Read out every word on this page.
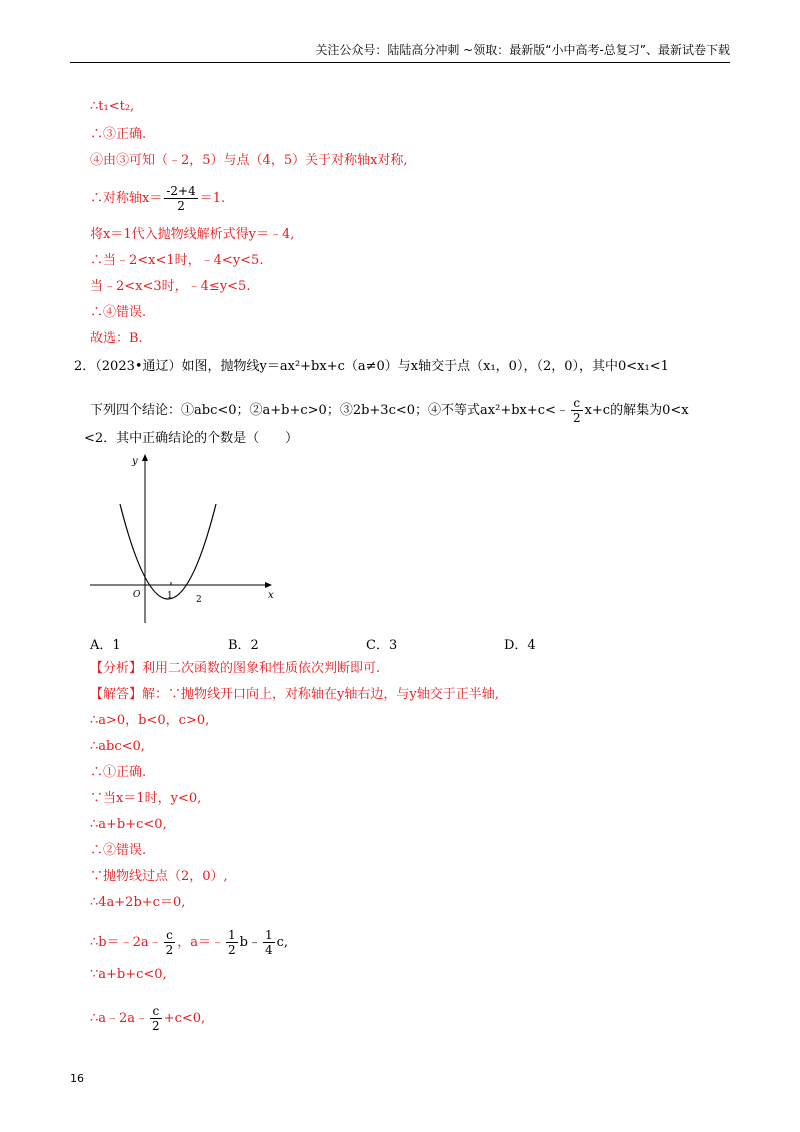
关注公众号：陆陆高分冲刺 ~领取：最新版“小中高考-总复习”、最新试卷下载
∴t₁<t₂,
∴③正确.
④由③可知（﹣2，5）与点（4，5）关于对称轴x对称,
∴对称轴$x= \frac{-2+4}{2} =1$.
将x＝1代入抛物线解析式得y＝﹣4,
∴当﹣2<x<1时，﹣4<y<5.
当﹣2<x<3时，﹣4≤y<5.
∴④错误.
故选：B.
2．（2023•通辽）如图，抛物线y＝ax²+bx+c（a≠0）与x轴交于点（x₁，0），（2，0），其中0<x₁<1
下列四个结论：①abc<0；②a+b+c>0；③2b+3c<0；④不等式ax²+bx+c<﹣ $\frac{c}{2} x+c$的解集为0<x
<2．其中正确结论的个数是（　　）
y
x
O	1	2
A．1	B．2	C．3	D．4
【分析】利用二次函数的图象和性质依次判断即可.
【解答】解：∵抛物线开口向上，对称轴在y轴右边，与y轴交于正半轴,
∴a>0，b<0，c>0,
∴abc<0,
∴①正确.
∵当x＝1时，y<0,
∴a+b+c<0,
∴②错误.
∵抛物线过点（2，0）,
∴4a+2b+c＝0,
∴b＝﹣2a﹣ $\frac{c}{2}$ ，a＝﹣ $\frac{1}{2}$ b﹣ $\frac{1}{4} c$,
∵a+b+c<0,
∴a﹣2a﹣ $\frac{c}{2} +c<0$,
16
